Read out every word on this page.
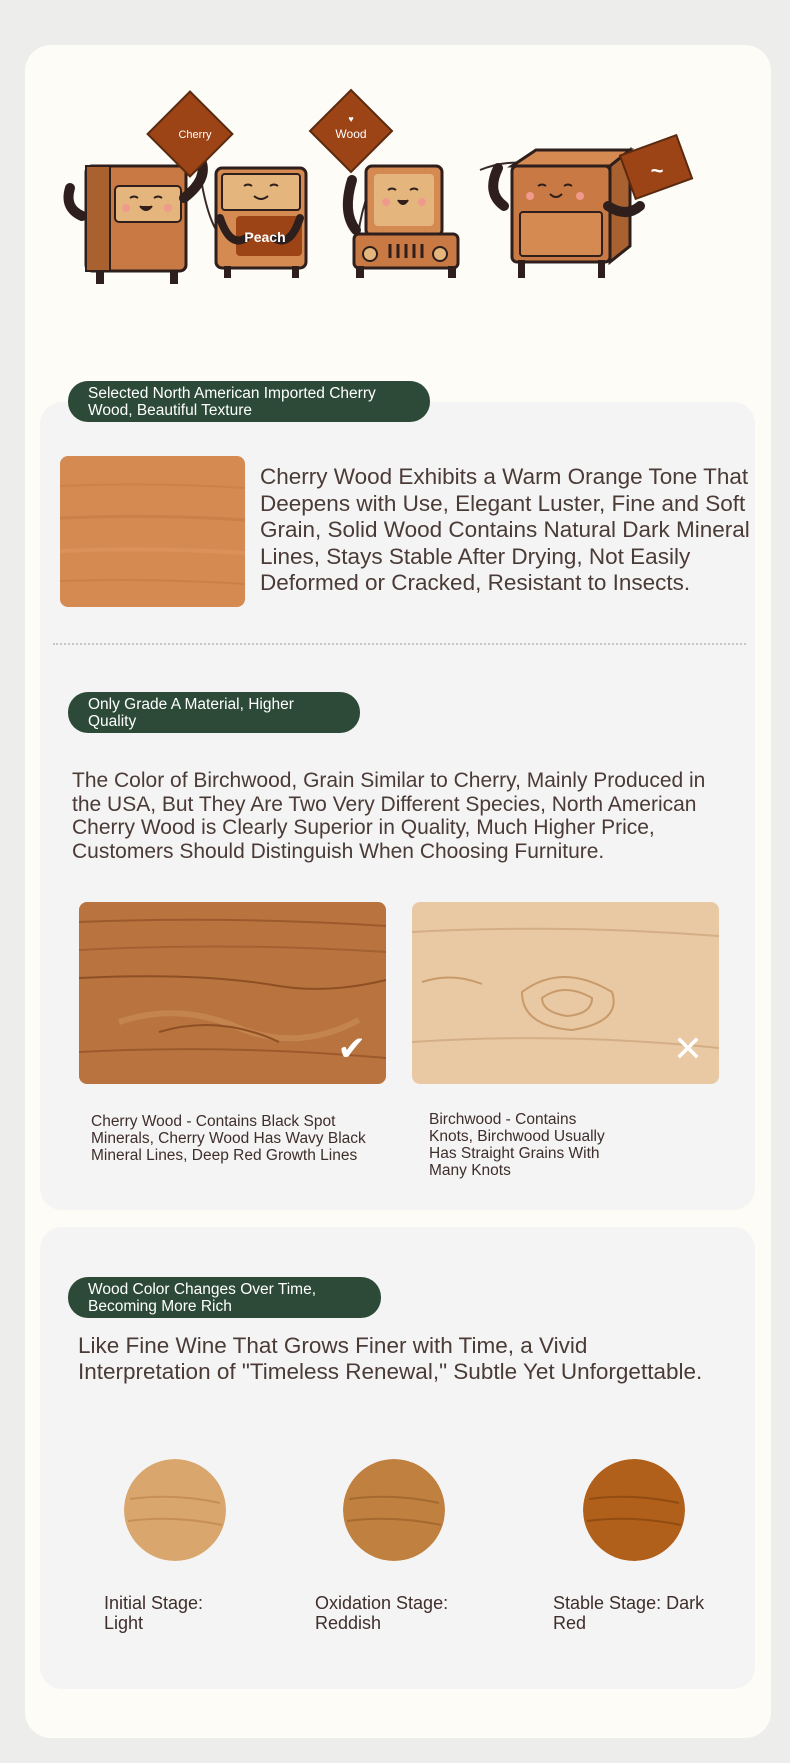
Cherry
Peach
♥
Wood
~
Selected North American Imported Cherry Wood, Beautiful Texture

Cherry Wood Exhibits a Warm Orange Tone That Deepens with Use, Elegant Luster, Fine and Soft Grain, Solid Wood Contains Natural Dark Mineral Lines, Stays Stable After Drying, Not Easily Deformed or Cracked, Resistant to Insects.

Only Grade A Material, Higher Quality

The Color of Birchwood, Grain Similar to Cherry, Mainly Produced in the USA, But They Are Two Very Different Species, North American Cherry Wood is Clearly Superior in Quality, Much Higher Price, Customers Should Distinguish When Choosing Furniture.

✔	✕

Cherry Wood - Contains Black Spot Minerals, Cherry Wood Has Wavy Black Mineral Lines, Deep Red Growth Lines

Birchwood - Contains Knots, Birchwood Usually Has Straight Grains With Many Knots

Wood Color Changes Over Time, Becoming More Rich

Like Fine Wine That Grows Finer with Time, a Vivid Interpretation of "Timeless Renewal," Subtle Yet Unforgettable.

Initial Stage: Light

Oxidation Stage: Reddish

Stable Stage: Dark Red
